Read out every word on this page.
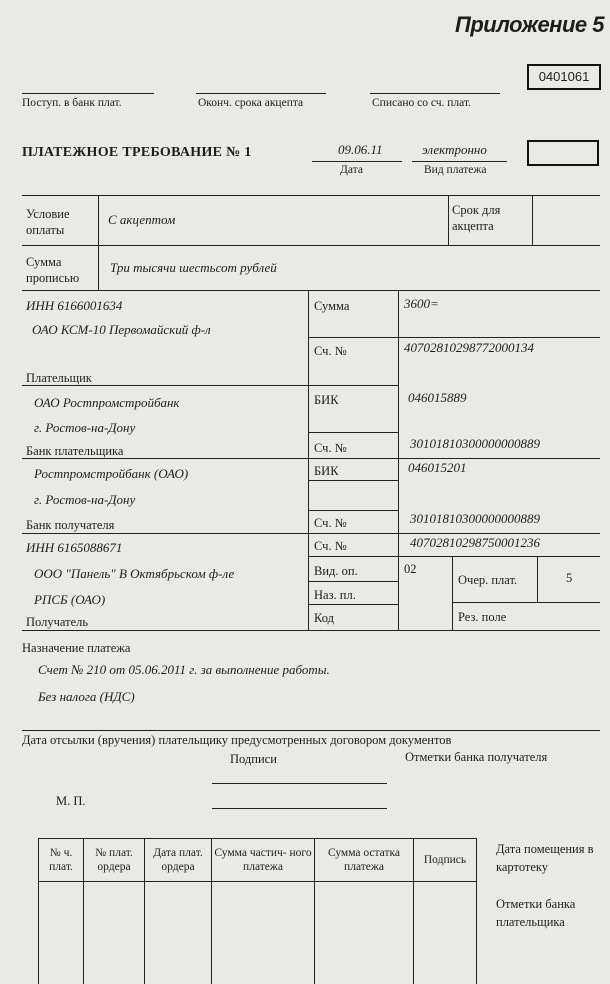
Приложение 5
0401061
Поступ. в банк плат.	Оконч. срока акцепта	Списано со сч. плат.
ПЛАТЕЖНОЕ ТРЕБОВАНИЕ № 1	09.06.11
Дата
электронно
Вид платежа
Условие оплаты
С акцептом
Срок для акцепта
Сумма прописью
Три тысячи шестьсот рублей
ИНН 6166001634
ОАО КСМ-10 Первомайский ф-л
Плательщик
Сумма	3600=
Сч. №	40702810298772000134
ОАО Ростпромстройбанк
г. Ростов-на-Дону
Банк плательщика
БИК	046015889
Сч. №	30101810300000000889
Ростпромстройбанк (ОАО)
г. Ростов-на-Дону
Банк получателя
БИК	046015201
Сч. №	30101810300000000889
ИНН 6165088671	Сч. №	40702810298750001236
ООО "Панель" В Октябрьском ф-ле
РПСБ (ОАО)
Получатель
Вид. оп.	02
Наз. пл.
Код
Очер. плат.	5
Рез. поле
Назначение платежа
Счет № 210 от 05.06.2011 г. за выполнение работы.
Без налога (НДС)
Дата отсылки (вручения) плательщику предусмотренных договором документов
Подписи	Отметки банка получателя
М. П.
№ ч. плат.	№ плат. ордера	Дата плат. ордера	Сумма частич- ного платежа	Сумма остатка платежа	Подпись

Дата помещения в картотеку
Отметки банка плательщика
